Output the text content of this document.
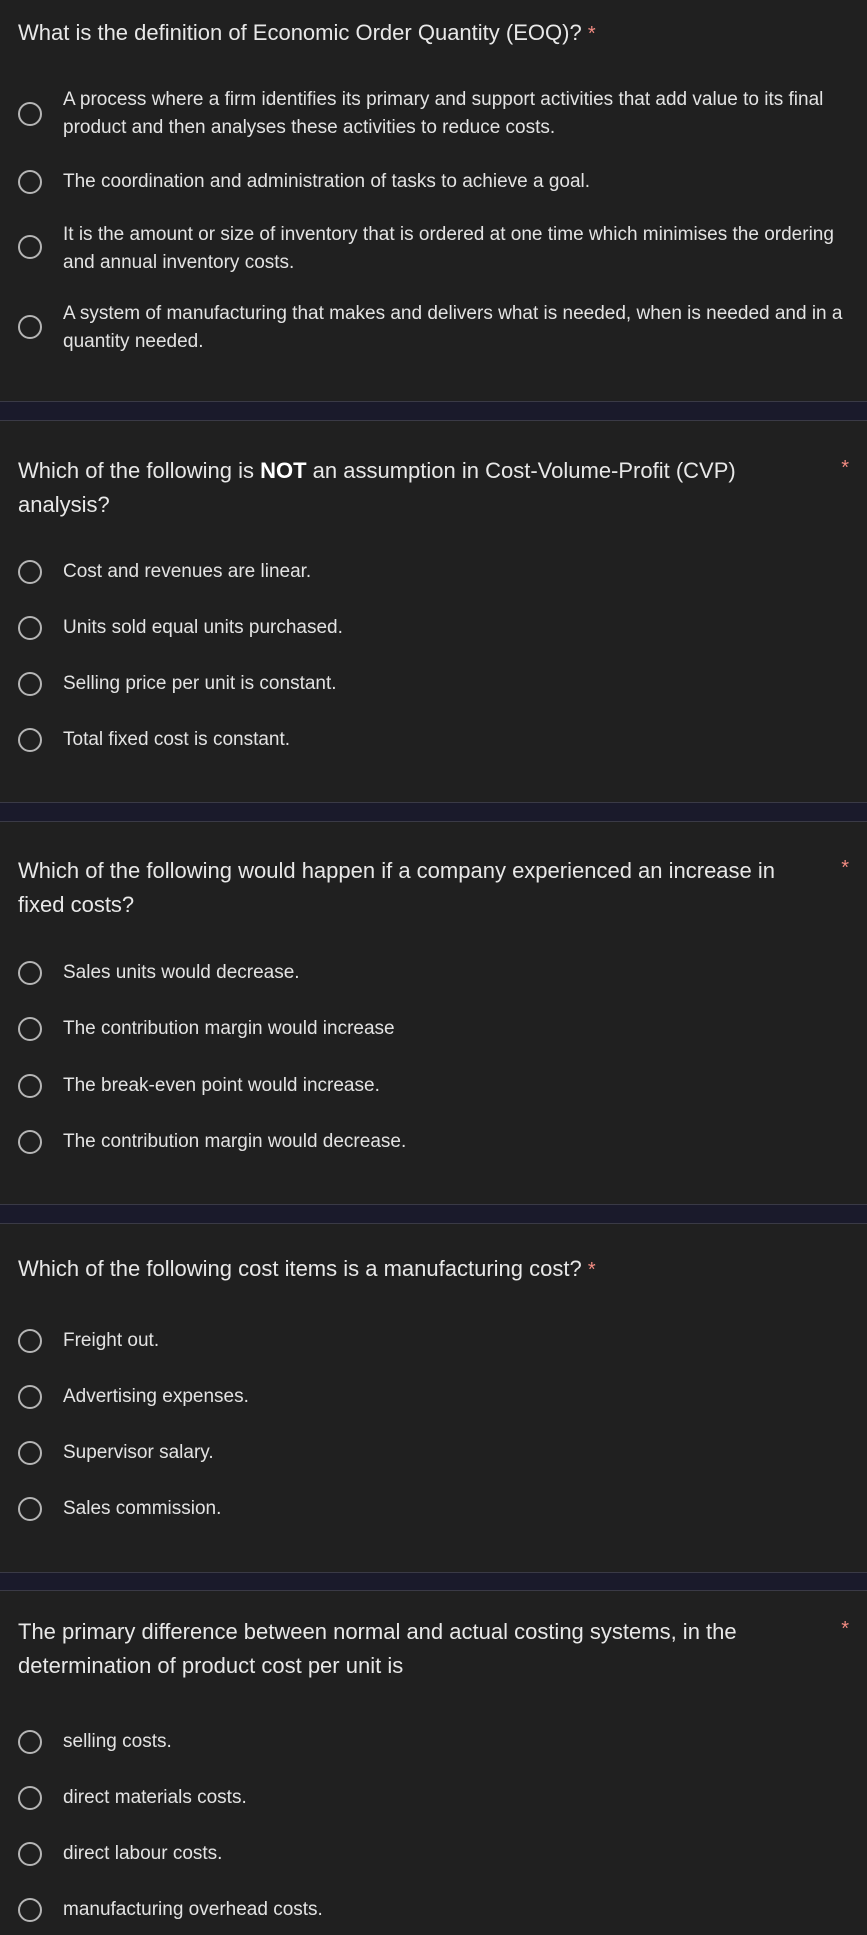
What is the definition of Economic Order Quantity (EOQ)? *
A process where a firm identifies its primary and support activities that add value to its final product and then analyses these activities to reduce costs.
The coordination and administration of tasks to achieve a goal.
It is the amount or size of inventory that is ordered at one time which minimises the ordering and annual inventory costs.
A system of manufacturing that makes and delivers what is needed, when is needed and in a quantity needed.
Which of the following is NOT an assumption in Cost-Volume-Profit (CVP) analysis?
*
Cost and revenues are linear.
Units sold equal units purchased.
Selling price per unit is constant.
Total fixed cost is constant.
Which of the following would happen if a company experienced an increase in fixed costs?
*
Sales units would decrease.
The contribution margin would increase
The break-even point would increase.
The contribution margin would decrease.
Which of the following cost items is a manufacturing cost? *
Freight out.
Advertising expenses.
Supervisor salary.
Sales commission.
The primary difference between normal and actual costing systems, in the determination of product cost per unit is
*
selling costs.
direct materials costs.
direct labour costs.
manufacturing overhead costs.
